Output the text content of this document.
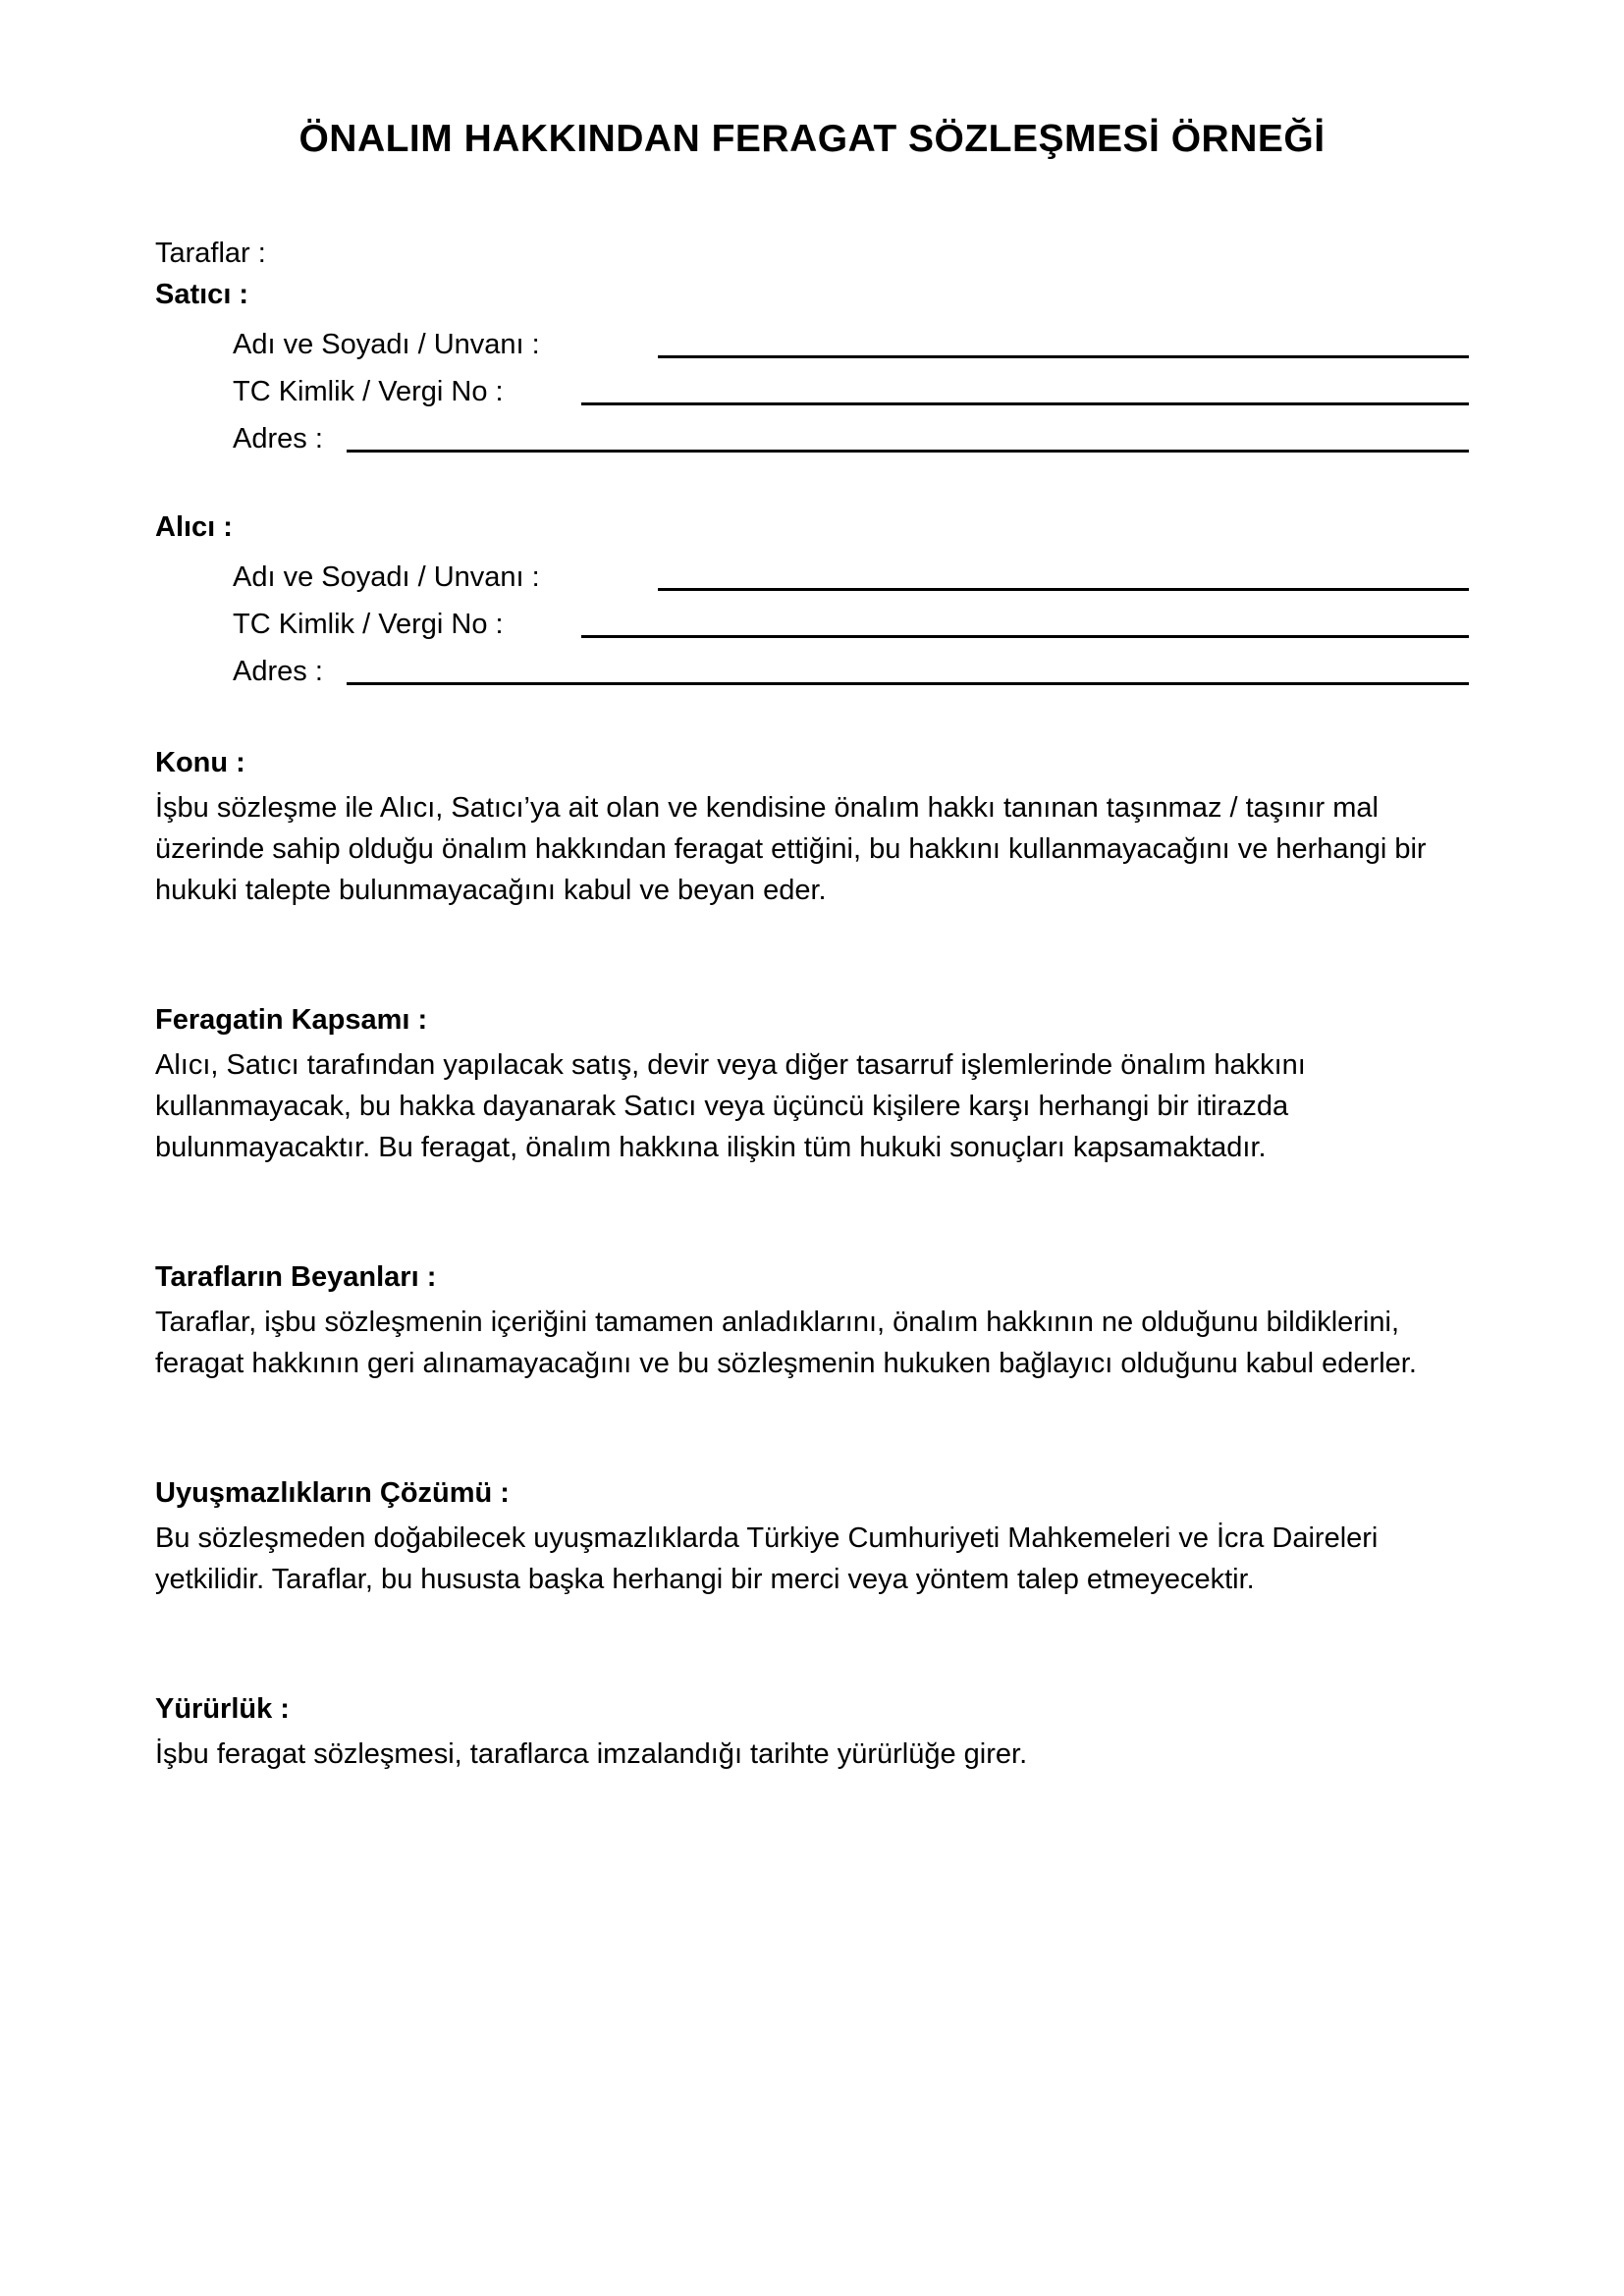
ÖNALIM HAKKINDAN FERAGAT SÖZLEŞMESİ ÖRNEĞİ
Taraflar :
Satıcı :
Adı ve Soyadı / Unvanı :
TC Kimlik / Vergi No :
Adres :
Alıcı :
Adı ve Soyadı / Unvanı :
TC Kimlik / Vergi No :
Adres :
Konu :

İşbu sözleşme ile Alıcı, Satıcı’ya ait olan ve kendisine önalım hakkı tanınan taşınmaz / taşınır mal üzerinde sahip olduğu önalım hakkından feragat ettiğini, bu hakkını kullanmayacağını ve herhangi bir hukuki talepte bulunmayacağını kabul ve beyan eder.

Feragatin Kapsamı :

Alıcı, Satıcı tarafından yapılacak satış, devir veya diğer tasarruf işlemlerinde önalım hakkını kullanmayacak, bu hakka dayanarak Satıcı veya üçüncü kişilere karşı herhangi bir itirazda bulunmayacaktır. Bu feragat, önalım hakkına ilişkin tüm hukuki sonuçları kapsamaktadır.

Tarafların Beyanları :

Taraflar, işbu sözleşmenin içeriğini tamamen anladıklarını, önalım hakkının ne olduğunu bildiklerini, feragat hakkının geri alınamayacağını ve bu sözleşmenin hukuken bağlayıcı olduğunu kabul ederler.

Uyuşmazlıkların Çözümü :

Bu sözleşmeden doğabilecek uyuşmazlıklarda Türkiye Cumhuriyeti Mahkemeleri ve İcra Daireleri yetkilidir. Taraflar, bu hususta başka herhangi bir merci veya yöntem talep etmeyecektir.

Yürürlük :

İşbu feragat sözleşmesi, taraflarca imzalandığı tarihte yürürlüğe girer.
